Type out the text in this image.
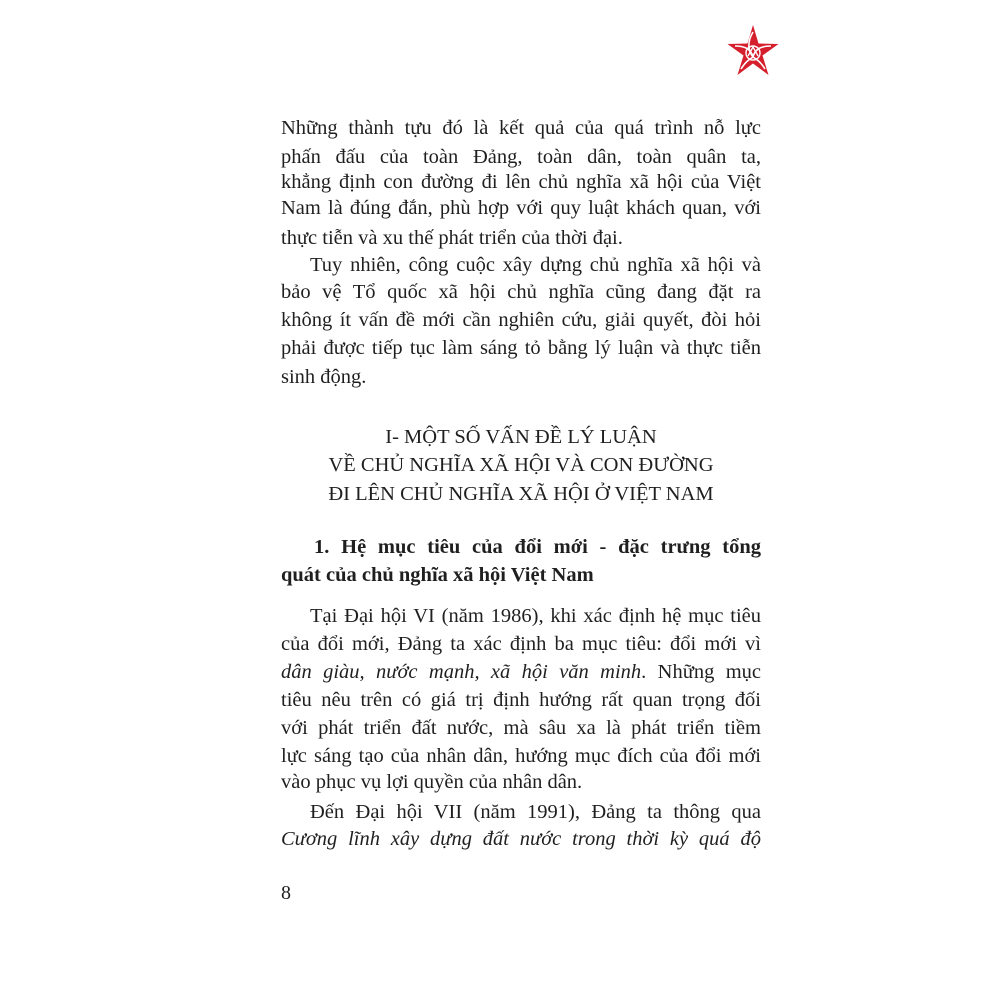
Những thành tựu đó là kết quả của quá trình nỗ lực

phấn đấu của toàn Đảng, toàn dân, toàn quân ta,

khẳng định con đường đi lên chủ nghĩa xã hội của Việt

Nam là đúng đắn, phù hợp với quy luật khách quan, với

thực tiễn và xu thế phát triển của thời đại.

Tuy nhiên, công cuộc xây dựng chủ nghĩa xã hội và

bảo vệ Tổ quốc xã hội chủ nghĩa cũng đang đặt ra

không ít vấn đề mới cần nghiên cứu, giải quyết, đòi hỏi

phải được tiếp tục làm sáng tỏ bằng lý luận và thực tiễn

sinh động.

I- MỘT SỐ VẤN ĐỀ LÝ LUẬN

VỀ CHỦ NGHĨA XÃ HỘI VÀ CON ĐƯỜNG

ĐI LÊN CHỦ NGHĨA XÃ HỘI Ở VIỆT NAM

1. Hệ mục tiêu của đổi mới - đặc trưng tổng

quát của chủ nghĩa xã hội Việt Nam

Tại Đại hội VI (năm 1986), khi xác định hệ mục tiêu

của đổi mới, Đảng ta xác định ba mục tiêu: đổi mới vì

dân giàu, nước mạnh, xã hội văn minh. Những mục

tiêu nêu trên có giá trị định hướng rất quan trọng đối

với phát triển đất nước, mà sâu xa là phát triển tiềm

lực sáng tạo của nhân dân, hướng mục đích của đổi mới

vào phục vụ lợi quyền của nhân dân.

Đến Đại hội VII (năm 1991), Đảng ta thông qua

Cương lĩnh xây dựng đất nước trong thời kỳ quá độ

8
